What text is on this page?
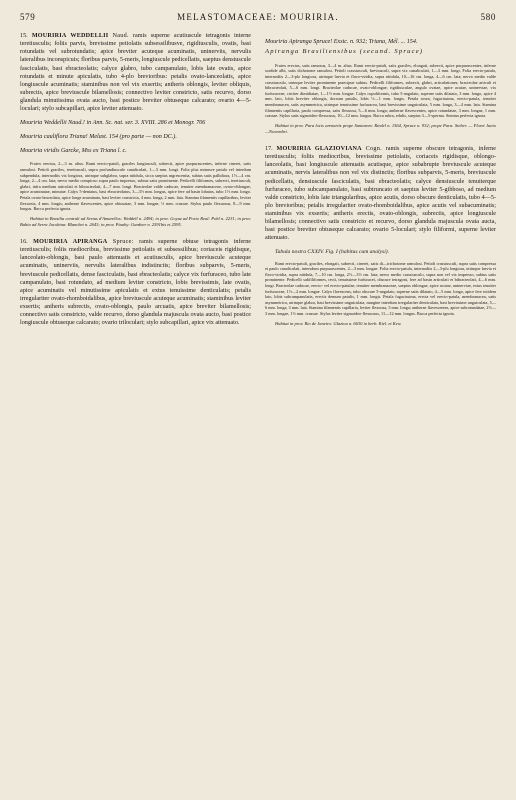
579	MELASTOMACEAE: MOURIRIA.	580

15. MOURIRIA WEDDELLII Naud. ramis superne acutiuscule tetragonis interne teretiusculis; foliis parvis, brevissime petiolatis subsessilibusve, rigidiusculis, ovatis, basi rotundatis vel subrotundatis; apice breviter acuteque acuminatis, uninerviis, nervulis lateralibus inconspicuis; floribus parvis, 5-meris, longiuscule pedicellatis, saepius densiuscule fasciculatis, basi ebracteolatis; calyce glabro, tubo campanulato, lobis late ovatis, apice rotundatis et minute apiculatis, tubo 4-plo brevioribus: petalis ovato-lanceolatis, apice longiuscule acuminatis; staminibus non vel vix exsertis; antheris oblongis, leviter obliquis, subrectis, apice breviuscule bilamellosis; connectivo leviter constricto, satis recurvo, dorso glandula minutissima ovata aucto, basi postice breviter obtuseque calcarato; ovario 4—5-loculari; stylo subcapillari, apice leviter attenuato.

Mouriria Weddellii Naud.! in Ann. Sc. nat. ser. 3. XVIII. 286 et Monogr. 706

Mouriria cauliflora Triana! Melast. 154 (pro parte — non DC.).

Mouriria viridis Garcke, Mss ex Triana l. c.

Frutex erectus, 2—3 m. altus. Rami erecto-patuli, graciles longiusculi, subrecti, apice purpurascentes, inferne cinerei, satis ramulosi. Petioli graciles, teretiusculi, supra profundiuscule canaliculati, 1—3 mm. longi. Folia plus minusve patula vel interdum subpendula, internodiis vix longiora, utrinque subglabra, supra nitidula, sicca saepius nigrescentia, subtus satis pallidiora, 1½—4 cm. longa, 2—4 cm. lata; nervo medio conspicuo supra paulo impresso, subtus satis prominente. Pedicelli filiformes, subrecti, teretiusculi, glabri, infra medium articulati et bibracteolati, 4—7 mm. longi. Bracteolae valde caducae, tenuiter membranaceae, ovato-oblongae, apice acuminatae, minutae. Calyx 5-dentatus, basi ebracteolatus, 3—3½ mm. longus, apice fere ad basin lobatus, tubo 1½ mm. longo. Petala ovato-lanceolata, apice longe acuminata, basi leviter constricta, 4 mm. longa, 2 mm. lata. Stamina filamentis capillaribus, leviter flexuosis, 4 mm. longis; antherae flavescentes, apice obtusatae, 3 mm. longae, ½ mm. crassae. Stylus paulo flexuosus, 8—9 mm. longus. Bacca perfecta ignota.

Habitat in Brasilia centrali ad Sertas d'Amarellos: Weddell n. 2494; in prov. Goyaz ad Porto Real: Pohl n. 2231; in prov. Bahia ad Serra Jacobina: Blanchet n. 2643; in prov. Piauhy: Gardner n. 2591bis et 2595.

16. MOURIRIA APIRANGA Spruce: ramis superne obtuse tetragonis inferne teretiusculis; foliis mediocribus, brevissime petiolatis et subsessilibus; coriaceis rigidisque, lanceolato-oblongis, basi paulo attenuatis et acutiusculis, apice breviuscule acuteque acuminatis, uninerviis, nervulis lateralibus indistinctis; floribus subparvis, 5-meris, breviuscule pedicellatis, dense fasciculatis, basi ebracteolatis; calyce vix furfuraceo, tubo late campanulato, basi rotundato, ad medium leviter constricto, lobis brevissimis, late ovatis, apice acuminatis vel minutissime apiculatis et extus tenuissime denticulatis; petalis irregulariter ovato-rhomboidalibus, apice breviuscule acuteque acuminatis; staminibus leviter exsertis; antheris subrectis, ovato-oblongis, paulo arcuatis, apice breviter bilamellosis; connectivo satis constricto, valde recurvo, dorso glandula majuscula ovata aucto, basi postice longiuscule obtuseque calcarato; ovario triloculari; stylo subcapillari, apice vix attenuato.

Mouriria Apiranga Spruce! Exsic. n. 932; Triana, Mél. ... 154.

Apiranga Brasiliensibus (secund. Spruce)

Frutex erectus, satis ramosus, 3—4 m. altus. Rami erecto-patuli, satis graciles, elongati, subrecti, apice purpurascentes, inferne sordide albi, satis dichotome ramulosi. Petioli crassiusculi, breviusculi, supra vix canaliculati, 1—3 mm. longi. Folia erecto-patula, internodiis 2—3-plo longiora, utrinque laevia et flavo-viridia, supra nitidula, 10—16 cm. longa, 4—6 cm. lata; nervo medio valde crassiusculo, utrinque leviter prominente praecipue subtus. Pedicelli filiformes, subrecti, glabri, articulationes; bracteolae articuli et bibracteolati, 5—6 mm. longi. Bracteolae caducae, ovato-oblongae, rigidiusculae, angulo ovatae, apice acutae, uninerviae, vix furfuraceae, circiter dimidiatae, 1—1½ mm. longae. Calyx cupuliformis, tubo 5-angulato, superne satis dilatato, 3 mm. longo, apice 4 mm. lato, lobis breviter oblongis, dorsum patulis, lobis ½—1 mm. longis. Petala rosea, fugacissima, erecto-patula, tenuiter membranacea, satis asymmetrica, utrinque tenuissime furfuracea, basi brevissime unguiculata, 5 mm. longa, 3—4 mm. lata. Stamina filamentis capillaria, paulo compressa, satis flexuosa, 5—6 mm. longa; antherae flavescentes, apice rotundatae, 3 mm. longae, 1 mm. crassae. Stylus satis sigmoideo-flexuosus, 10—12 mm. longus. Bacca rubra, edulis, saepius 3—5-sperma. Semina perfecta ignota.

Habitat in prov. Para locis arenariis prope Santarem: Riedel n. 1564, Spruce n. 932; prope Para: Sieber. — Floret Junio—Novembri.

17. MOURIRIA GLAZIOVIANA Cogn. ramis superne obscure tetragonis, inferne teretiusculis; foliis mediocribus, brevissime petiolatis, coriaceis rigidisque, oblongo-lanceolatis, basi longiuscule attenuatis acutisque, apice subabrupte breviuscule acuteque acuminatis, nervis lateralibus non vel vix distinctis; floribus subparvis, 5-meris, breviuscule pedicellatis, densiuscule fasciculatis, basi ebracteolatis; calyce densiuscule tenuiterque furfuraceo, tubo subcampanulato, basi subtruncato et saepius leviter 5-gibboso, ad medium valde constricto, lobis late triangularibus, apice acutis, dorso obscure denticulatis, tubo 4—5-plo brevioribus; petalis irregulariter ovato-rhomboidalibus, apice acutis vel subacuminatis; staminibus vix exsertis; antheris erectis, ovato-oblongis, subrectis, apice longiuscule bilamellosis; connectivo satis constricto et recurvo, dorso glandula majuscula ovata aucta, basi postice breviter obtuseque calcarato; ovario 5-loculari; stylo filiformi, superne leviter attenuato.

Tabula nostra CXXIV. Fig. I (habitus cum analysi).

Rami erecto-patuli, graciles, elongati, subrecti, cinerei, satis di—trichotome ramulosi. Petioli crassiusculi, supra satis compressa et paulo canaliculati, intersdum purpurascentes, 2—3 mm. longae. Folia erecto-patula, internodiis 2—3-plo longiora, utrinque laevia et flavo-viridia, supra nitidula, 7—10 cm. longa, 2½—3½ cm. lata; nervo medio crassiusculo, supra non vel vix impresso, subtus satis prominente. Pedicelli subfiliformes, recti, tenuissime furfuracei, obscure tetragoni, fere ad basin articulati et bibracteolati, 4—6 mm. longi. Bracteolae caducae, erecto- vel erecto-patulae, tenuiter membranaceae, saepius oblongae, apice acutae, uninerviae, extus tenuiter furfuraceae, 1½—2 mm. longae. Calyx flavescens, tubo obscure 5-angulato, superne satis dilatato, 4—5 mm. longo, apice fere totidem lato, lobis subcampanulatis, erectis demum patulis, 1 mm. longis. Petala fugacissima, erecta vel erecto-patula, membranacea, satis asymmetrica, utrinque glabra, basi brevissime unguiculata, margine interdum irregulariter denticulata, basi brevissime unguiculata, 5—6 mm. longa, 3 mm. lata. Stamina filamentis capillaria, leviter flexuosa, 5 mm. longa; antherae flavescentes, apice subrotundatae, 2½—3 mm. longae, 1½ mm. crassae. Stylus leviter sigmoideo-flexuosus, 11—12 mm. longus. Bacca perfecta ignota.

Habitat in prov. Rio de Janeiro: Glaziou n. 6630 in herb. Kiel. et Kew.
